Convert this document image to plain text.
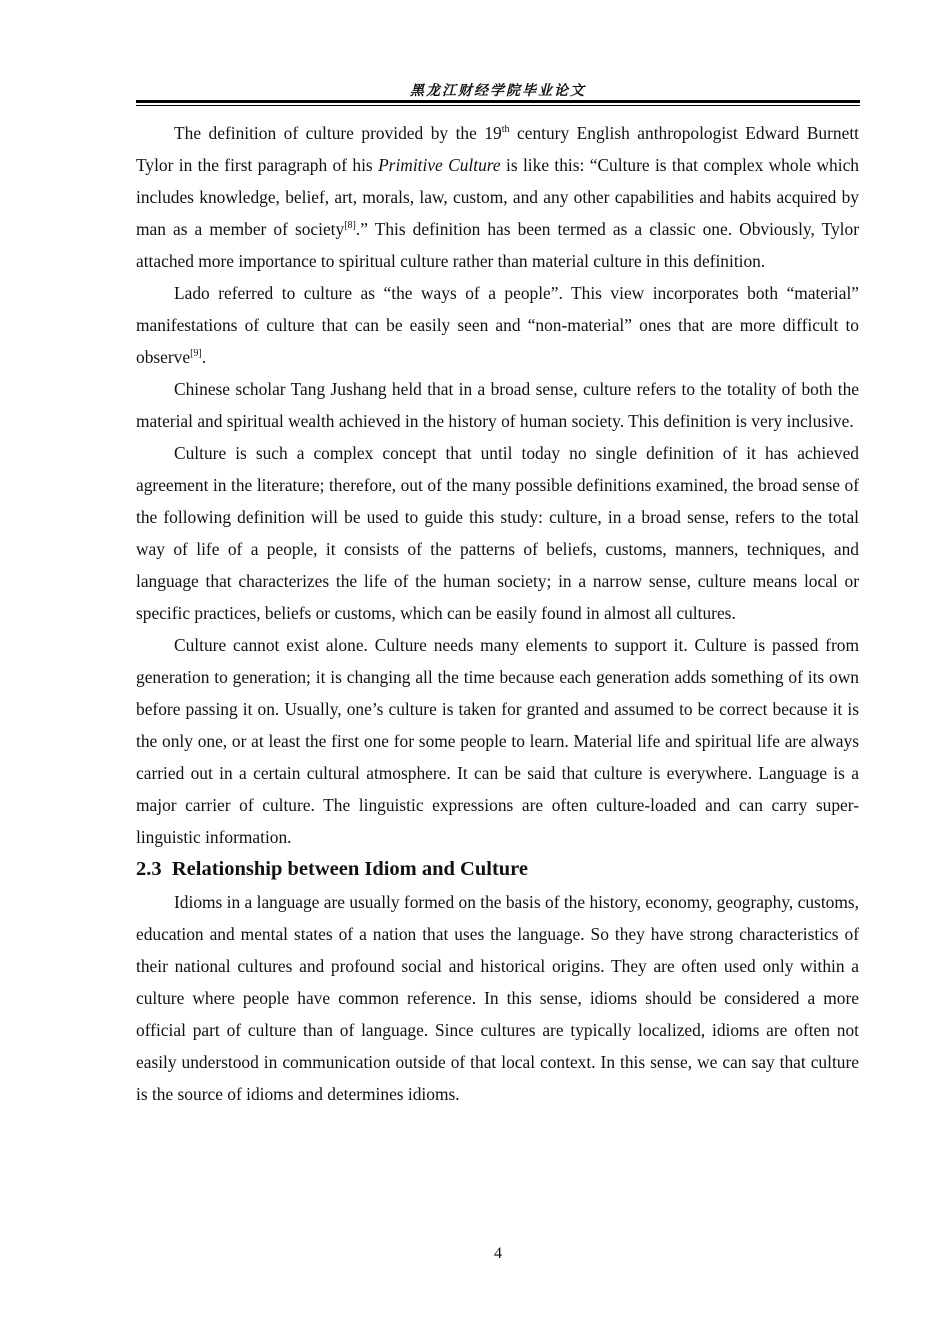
黑龙江财经学院毕业论文

The definition of culture provided by the 19th century English anthropologist Edward Burnett Tylor in the first paragraph of his Primitive Culture is like this: “Culture is that complex whole which includes knowledge, belief, art, morals, law, custom, and any other capabilities and habits acquired by man as a member of society[8].” This definition has been termed as a classic one. Obviously, Tylor attached more importance to spiritual culture rather than material culture in this definition.

Lado referred to culture as “the ways of a people”. This view incorporates both “material” manifestations of culture that can be easily seen and “non-material” ones that are more difficult to observe[9].

Chinese scholar Tang Jushang held that in a broad sense, culture refers to the totality of both the material and spiritual wealth achieved in the history of human society. This definition is very inclusive.

Culture is such a complex concept that until today no single definition of it has achieved agreement in the literature; therefore, out of the many possible definitions examined, the broad sense of the following definition will be used to guide this study: culture, in a broad sense, refers to the total way of life of a people, it consists of the patterns of beliefs, customs, manners, techniques, and language that characterizes the life of the human society; in a narrow sense, culture means local or specific practices, beliefs or customs, which can be easily found in almost all cultures.

Culture cannot exist alone. Culture needs many elements to support it. Culture is passed from generation to generation; it is changing all the time because each generation adds something of its own before passing it on. Usually, one’s culture is taken for granted and assumed to be correct because it is the only one, or at least the first one for some people to learn. Material life and spiritual life are always carried out in a certain cultural atmosphere. It can be said that culture is everywhere. Language is a major carrier of culture. The linguistic expressions are often culture-loaded and can carry super-linguistic information.

2.3  Relationship between Idiom and Culture

Idioms in a language are usually formed on the basis of the history, economy, geography, customs, education and mental states of a nation that uses the language. So they have strong characteristics of their national cultures and profound social and historical origins. They are often used only within a culture where people have common reference. In this sense, idioms should be considered a more official part of culture than of language. Since cultures are typically localized, idioms are often not easily understood in communication outside of that local context. In this sense, we can say that culture is the source of idioms and determines idioms.

4
